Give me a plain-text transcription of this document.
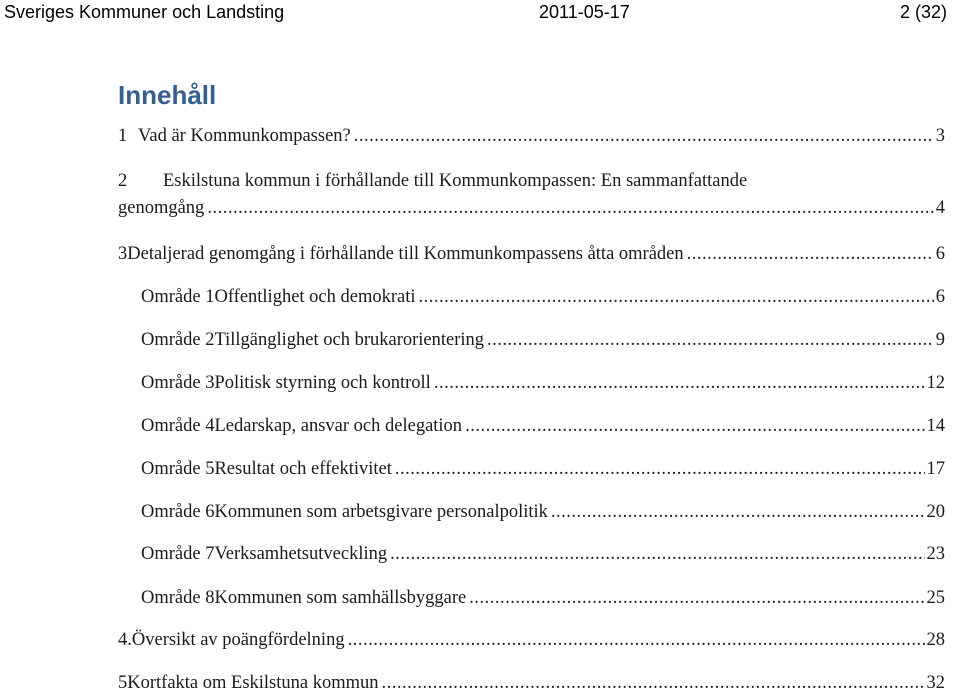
Sveriges Kommuner och Landsting	2011-05-17	2 (32)
Innehåll
1 Vad är Kommunkompassen? .....	3
2	Eskilstuna kommun i förhållande till Kommunkompassen: En sammanfattande
genomgång .....	4
3 Detaljerad genomgång i förhållande till Kommunkompassens åtta områden .....	6
Område 1 Offentlighet och demokrati .....	6
Område 2 Tillgänglighet och brukarorientering .....	9
Område 3 Politisk styrning och kontroll .....	12
Område 4 Ledarskap, ansvar och delegation .....	14
Område 5 Resultat och effektivitet .....	17
Område 6 Kommunen som arbetsgivare personalpolitik .....	20
Område 7 Verksamhetsutveckling .....	23
Område 8 Kommunen som samhällsbyggare .....	25
4. Översikt av poängfördelning .....	28
5 Kortfakta om Eskilstuna kommun .....	32
